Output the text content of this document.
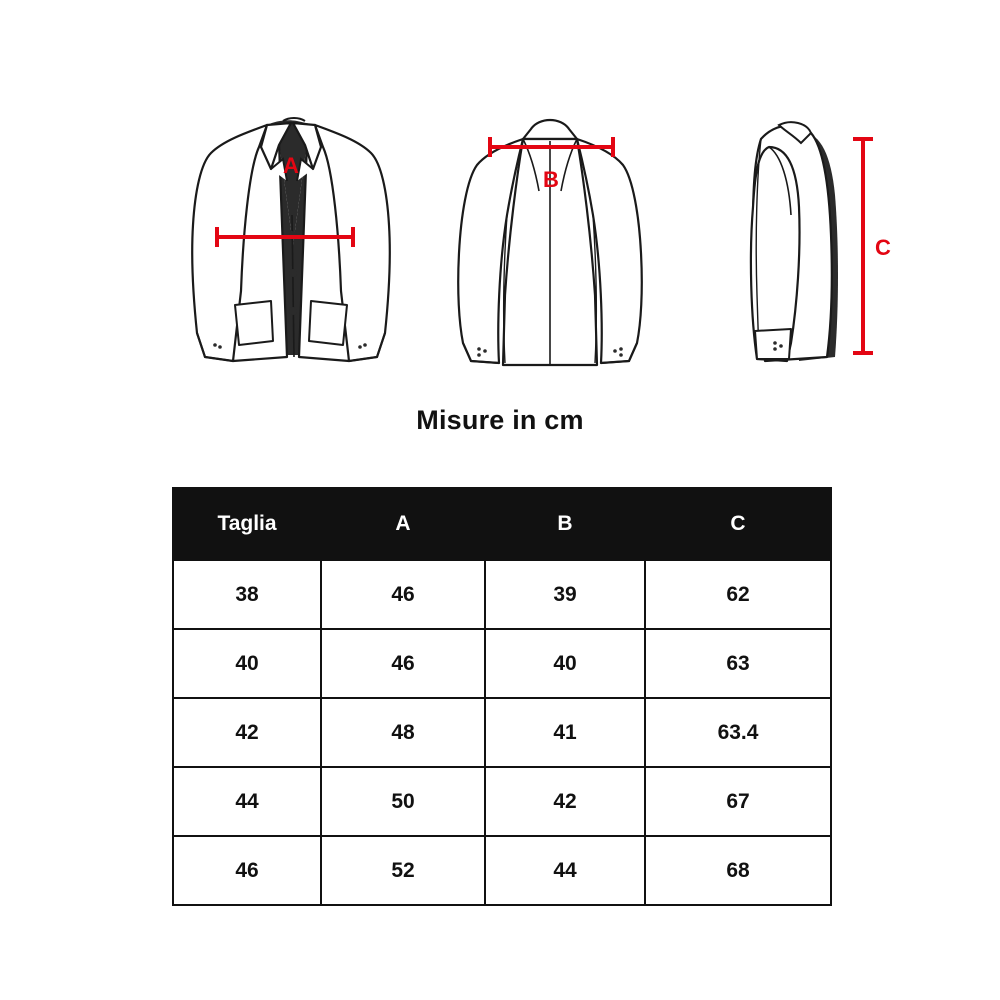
A
B
C
Misure in cm
Taglia	A	B	C
38	46	39	62
40	46	40	63
42	48	41	63.4
44	50	42	67
46	52	44	68
